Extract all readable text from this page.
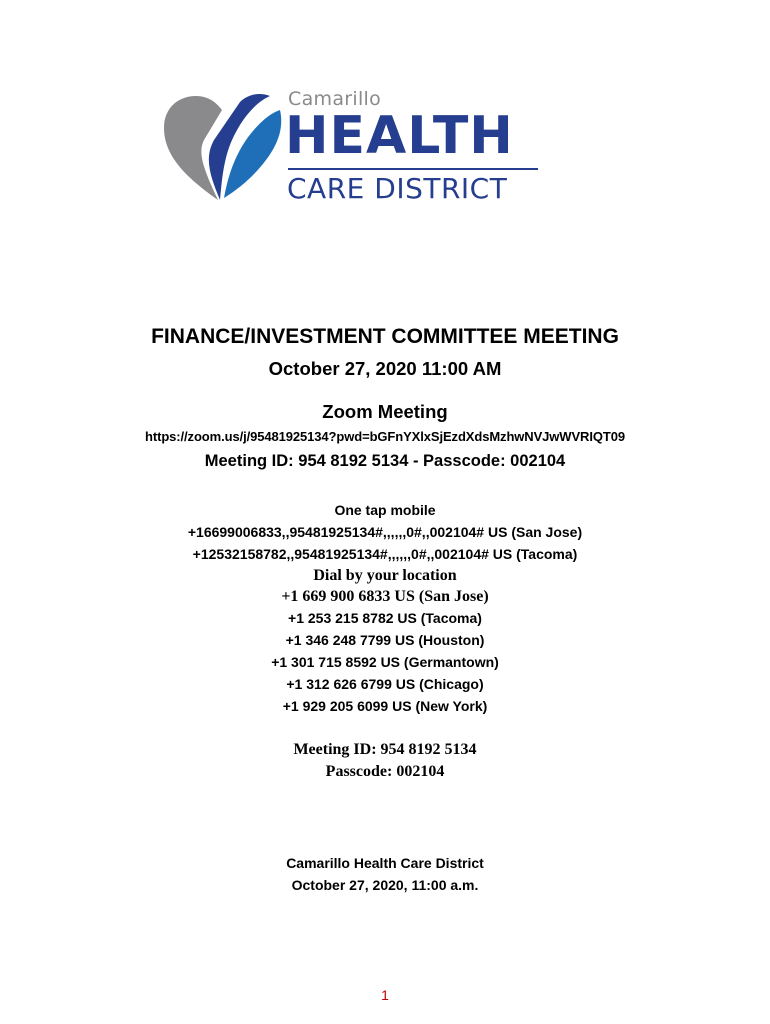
Camarillo
HEALTH
CARE DISTRICT
FINANCE/INVESTMENT COMMITTEE MEETING
October 27, 2020 11:00 AM
Zoom Meeting
https://zoom.us/j/95481925134?pwd=bGFnYXlxSjEzdXdsMzhwNVJwWVRIQT09
Meeting ID: 954 8192 5134 - Passcode: 002104
One tap mobile
+16699006833,,95481925134#,,,,,,0#,,002104# US (San Jose)
+12532158782,,95481925134#,,,,,,0#,,002104# US (Tacoma)
Dial by your location
+1 669 900 6833 US (San Jose)
+1 253 215 8782 US (Tacoma)
+1 346 248 7799 US (Houston)
+1 301 715 8592 US (Germantown)
+1 312 626 6799 US (Chicago)
+1 929 205 6099 US (New York)
Meeting ID: 954 8192 5134
Passcode: 002104
Camarillo Health Care District
October 27, 2020, 11:00 a.m.
1
